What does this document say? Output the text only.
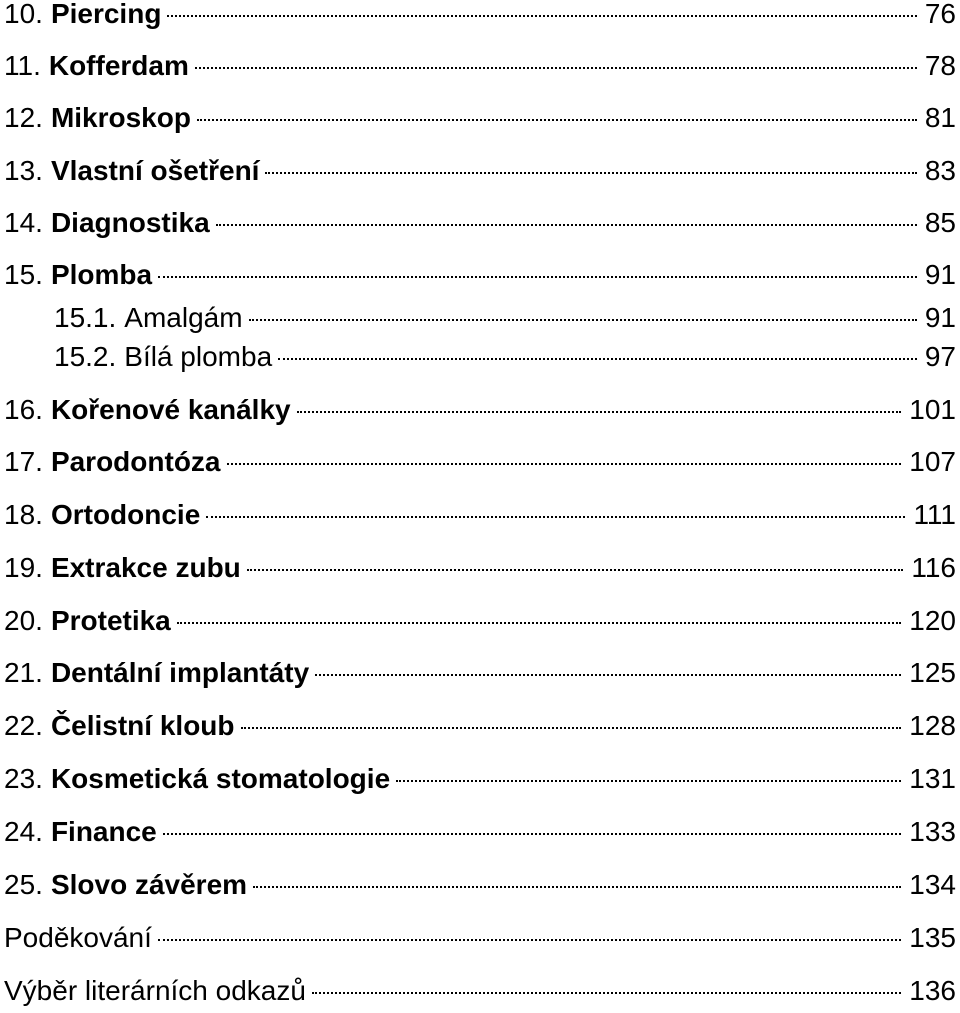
10. Piercing	76
11. Kofferdam	78
12. Mikroskop	81
13. Vlastní ošetření	83
14. Diagnostika	85
15. Plomba	91
15.1. Amalgám	91
15.2. Bílá plomba	97
16. Kořenové kanálky	101
17. Parodontóza	107
18. Ortodoncie	111
19. Extrakce zubu	116
20. Protetika	120
21. Dentální implantáty	125
22. Čelistní kloub	128
23. Kosmetická stomatologie	131
24. Finance	133
25. Slovo závěrem	134
Poděkování	135
Výběr literárních odkazů	136
